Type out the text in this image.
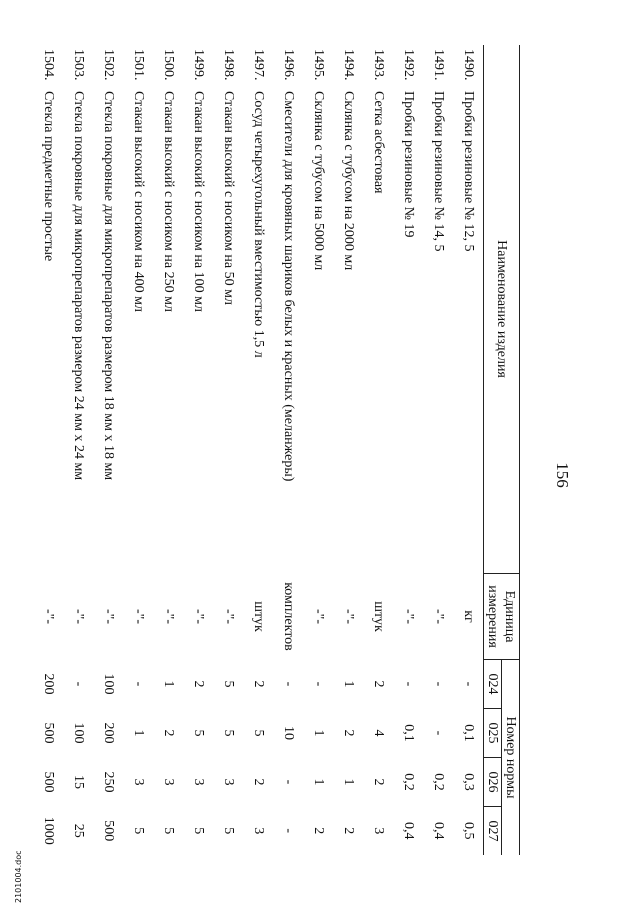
156
Наименование изделия		Единица
измерения	Номер нормы			
			024	025	026	027
1490.	Пробки резиновые № 12, 5	кг	-	0,1	0,3	0,5
1491.	Пробки резиновые № 14, 5	-"-	-	-	0,2	0,4
1492.	Пробки резиновые № 19	-"-	-	0,1	0,2	0,4
1493.	Сетка асбестовая	штук	2	4	2	3
1494.	Склянка с тубусом на 2000 мл	-"-	1	2	1	2
1495.	Склянка с тубусом на 5000 мл	-"-	-	1	1	2
1496.	Смесители для кровяных шариков белых и красных (меланжеры)	комплектов	-	10	-	-
1497.	Сосуд четырехугольный вместимостью 1,5 л	штук	2	5	2	3
1498.	Стакан высокий с носиком на 50 мл	-"-	5	5	3	5
1499.	Стакан высокий с носиком на 100 мл	-"-	2	5	3	5
1500.	Стакан высокий с носиком на 250 мл	-"-	1	2	3	5
1501.	Стакан высокий с носиком на 400 мл	-"-	-	1	3	5
1502.	Стекла покровные для микропрепаратов размером 18 мм х 18 мм	-"-	100	200	250	500
1503.	Стекла покровные для микропрепаратов размером 24 мм х 24 мм	-"-	-	100	15	25
1504.	Стекла предметные простые	-"-	200	500	500	1000
2101004.doc
